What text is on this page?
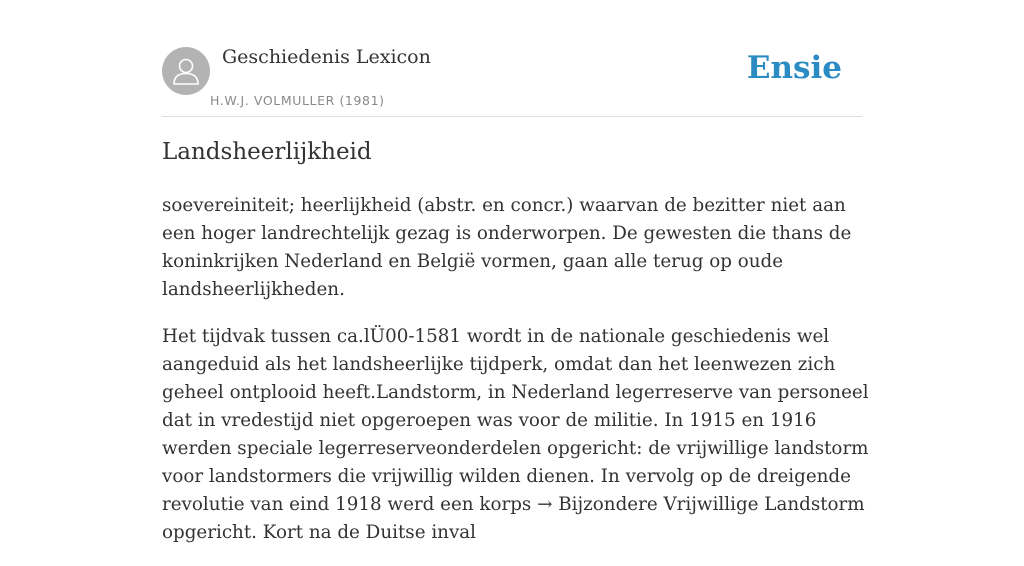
Geschiedenis Lexicon
H.W.J. VOLMULLER (1981)
Ensie
Landsheerlijkheid

soevereiniteit; heerlijkheid (abstr. en concr.) waarvan de bezitter niet aan een hoger landrechtelijk gezag is onderworpen. De gewesten die thans de koninkrijken Nederland en België vormen, gaan alle terug op oude landsheerlijkheden.

Het tijdvak tussen ca.lÜ00-1581 wordt in de nationale geschiedenis wel aangeduid als het landsheerlijke tijdperk, omdat dan het leenwezen zich geheel ontplooid heeft.Landstorm, in Nederland legerreserve van personeel dat in vredestijd niet opgeroepen was voor de militie. In 1915 en 1916 werden speciale legerreserveonderdelen opgericht: de vrijwillige landstorm voor landstormers die vrijwillig wilden dienen. In vervolg op de dreigende revolutie van eind 1918 werd een korps → Bijzondere Vrijwillige Landstorm opgericht. Kort na de Duitse inval
